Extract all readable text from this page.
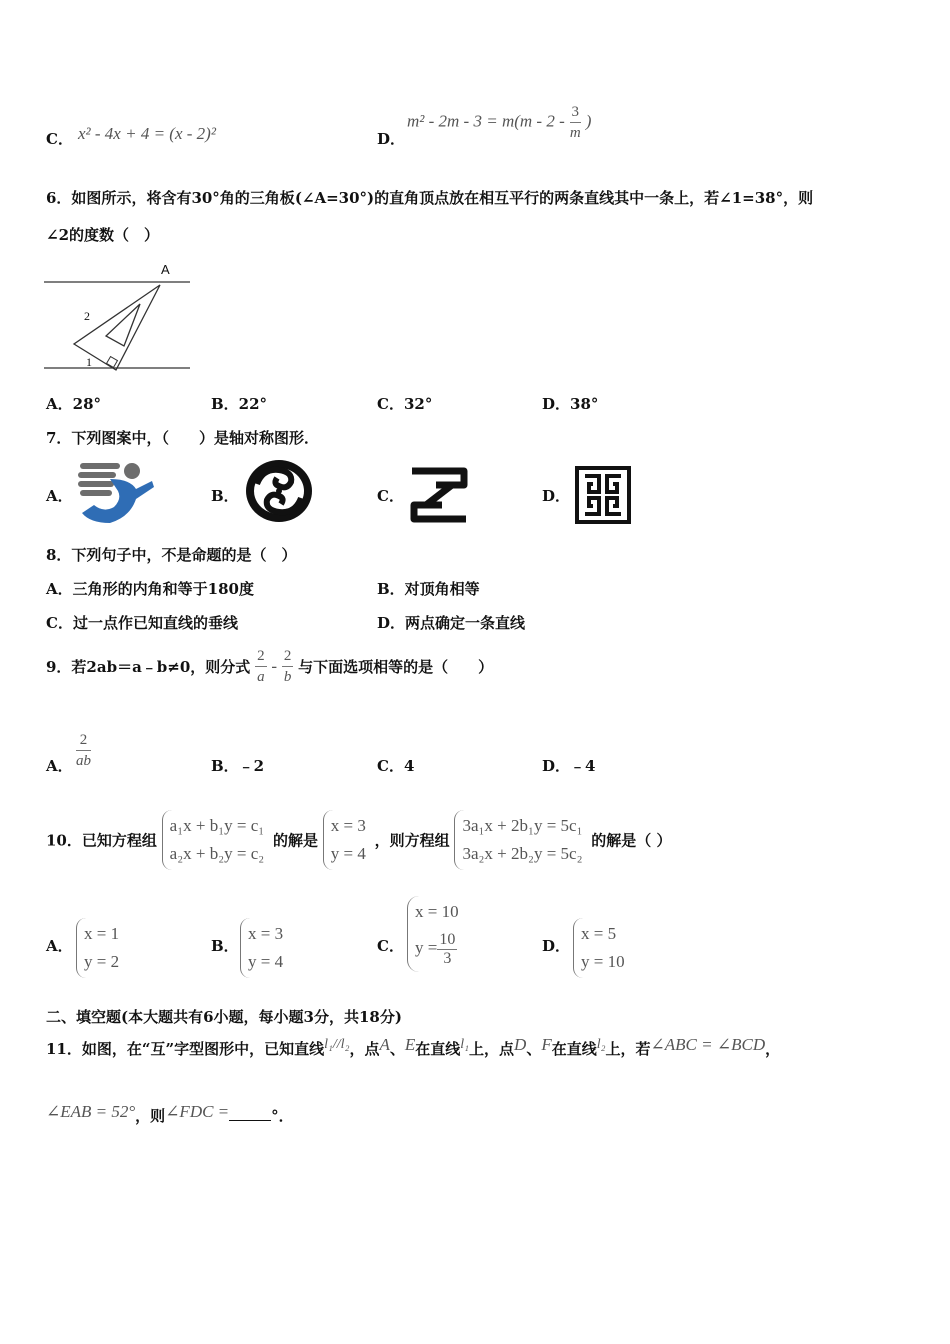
C． x² - 4x + 4 = (x - 2)²	D．
$m^2 - 2m - 3 = m(m - 2 - \frac{3}{m}$ )
6．如图所示，将含有30°角的三角板(∠A=30°)的直角顶点放在相互平行的两条直线其中一条上，若∠1=38°，则
∠2的度数（　）
A
2
1
A．28°	B．22°	C．32°	D．38°
7．下列图案中，（　　）是轴对称图形．
A．	B．	C．	D．
8．下列句子中，不是命题的是（　）
A．三角形的内角和等于180度	B．对顶角相等
C．过一点作已知直线的垂线	D．两点确定一条直线
9．若2ab＝a﹣b≠0，则分式 $\frac{2}{a} - \frac{2}{b}$ 与下面选项相等的是（　　）
A． $\frac{2}{ab}$	B．﹣2	C．4	D．﹣4
10．已知方程组
a₁x + b₁y = c₁
a₂x + b₂y = c₂
的解是
x = 3
y = 4
，则方程组
3a₁x + 2b₁y = 5c₁
3a₂x + 2b₂y = 5c₂
的解是（ ）
A．
x = 1
y = 2
B．
x = 3
y = 4
C．
x = 10
$y = \frac{10}{3}$	D．
x = 5
y = 10
二、填空题(本大题共有6小题，每小题3分，共18分)
11．如图，在“互”字型图形中，已知直线l₁//l₂，点A、E在直线l₁上，点D、F在直线l₂上，若∠ABC = ∠BCD，
∠EAB = 52°，则∠FDC =	°．
